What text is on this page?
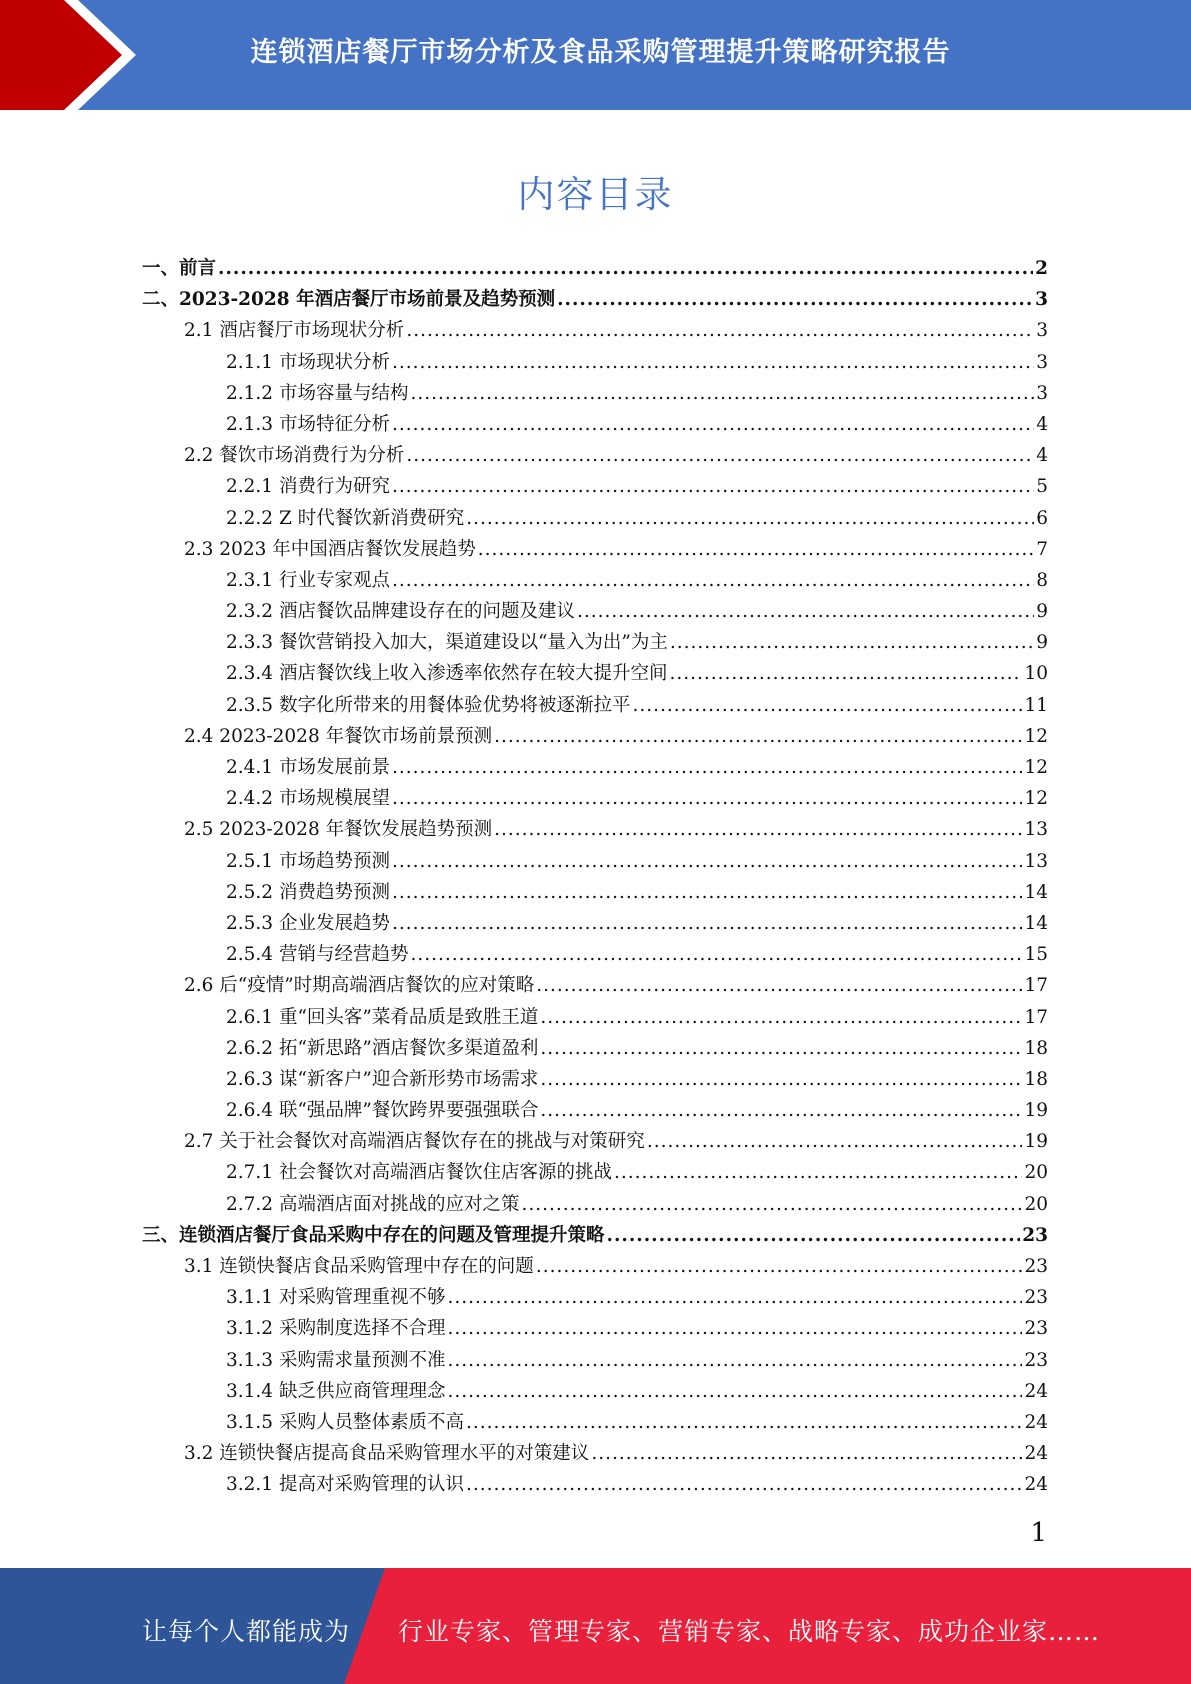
连锁酒店餐厅市场分析及食品采购管理提升策略研究报告
内容目录
一、前言 .....	2
二、2023-2028 年酒店餐厅市场前景及趋势预测 .....	3
2.1 酒店餐厅市场现状分析 .....	3
2.1.1 市场现状分析 .....	3
2.1.2 市场容量与结构 .....	3
2.1.3 市场特征分析 .....	4
2.2 餐饮市场消费行为分析 .....	4
2.2.1 消费行为研究 .....	5
2.2.2 Z 时代餐饮新消费研究 .....	6
2.3 2023 年中国酒店餐饮发展趋势 .....	7
2.3.1 行业专家观点 .....	8
2.3.2 酒店餐饮品牌建设存在的问题及建议 .....	9
2.3.3 餐饮营销投入加大，渠道建设以“量入为出”为主 .....	9
2.3.4 酒店餐饮线上收入渗透率依然存在较大提升空间 .....	10
2.3.5 数字化所带来的用餐体验优势将被逐渐拉平 .....	11
2.4 2023-2028 年餐饮市场前景预测 .....	12
2.4.1 市场发展前景 .....	12
2.4.2 市场规模展望 .....	12
2.5 2023-2028 年餐饮发展趋势预测 .....	13
2.5.1 市场趋势预测 .....	13
2.5.2 消费趋势预测 .....	14
2.5.3 企业发展趋势 .....	14
2.5.4 营销与经营趋势 .....	15
2.6 后“疫情”时期高端酒店餐饮的应对策略 .....	17
2.6.1 重“回头客”菜肴品质是致胜王道 .....	17
2.6.2 拓“新思路”酒店餐饮多渠道盈利 .....	18
2.6.3 谋“新客户”迎合新形势市场需求 .....	18
2.6.4 联“强品牌”餐饮跨界要强强联合 .....	19
2.7 关于社会餐饮对高端酒店餐饮存在的挑战与对策研究 .....	19
2.7.1 社会餐饮对高端酒店餐饮住店客源的挑战 .....	20
2.7.2 高端酒店面对挑战的应对之策 .....	20
三、连锁酒店餐厅食品采购中存在的问题及管理提升策略 .....	23
3.1 连锁快餐店食品采购管理中存在的问题 .....	23
3.1.1 对采购管理重视不够 .....	23
3.1.2 采购制度选择不合理 .....	23
3.1.3 采购需求量预测不准 .....	23
3.1.4 缺乏供应商管理理念 .....	24
3.1.5 采购人员整体素质不高 .....	24
3.2 连锁快餐店提高食品采购管理水平的对策建议 .....	24
3.2.1 提高对采购管理的认识 .....	24
1
让每个人都能成为 行业专家、管理专家、营销专家、战略专家、成功企业家……
